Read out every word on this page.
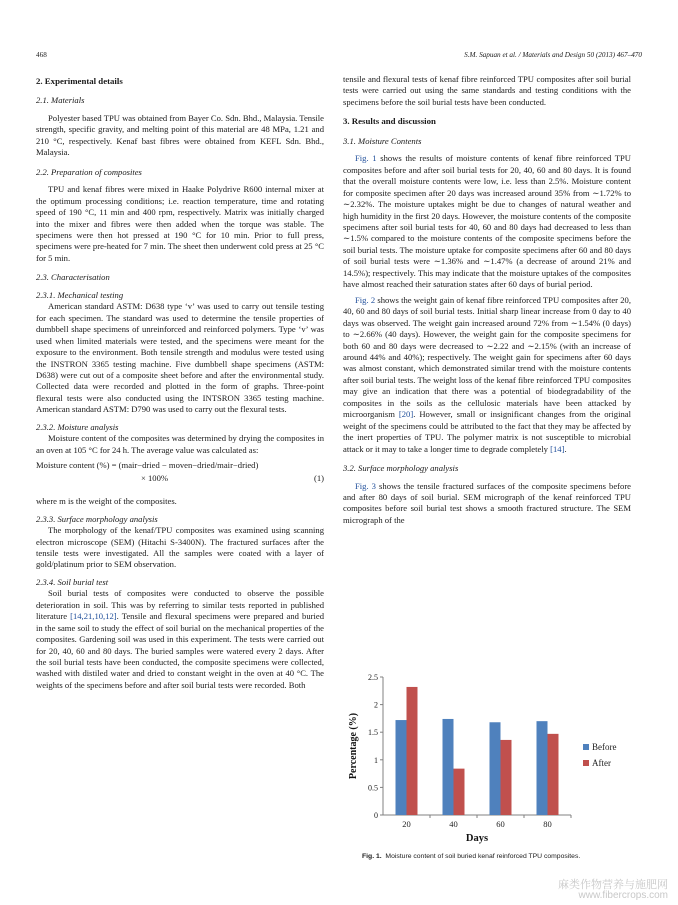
468	S.M. Sapuan et al. / Materials and Design 50 (2013) 467–470
2. Experimental details
2.1. Materials

Polyester based TPU was obtained from Bayer Co. Sdn. Bhd., Malaysia. Tensile strength, specific gravity, and melting point of this material are 48 MPa, 1.21 and 210 °C, respectively. Kenaf bast fibres were obtained from KEFL Sdn. Bhd., Malaysia.

2.2. Preparation of composites

TPU and kenaf fibres were mixed in Haake Polydrive R600 internal mixer at the optimum processing conditions; i.e. reaction temperature, time and rotating speed of 190 °C, 11 min and 400 rpm, respectively. Matrix was initially charged into the mixer and fibres were then added when the torque was stable. The specimens were then hot pressed at 190 °C for 10 min. Prior to full press, specimens were pre-heated for 7 min. The sheet then underwent cold press at 25 °C for 5 min.

2.3. Characterisation
2.3.1. Mechanical testing

American standard ASTM: D638 type ‘v’ was used to carry out tensile testing for each specimen. The standard was used to determine the tensile properties of dumbbell shape specimens of unreinforced and reinforced polymers. Type ‘v’ was used when limited materials were tested, and the specimens were meant for the exposure to the environment. Both tensile strength and modulus were tested using the INSTRON 3365 testing machine. Five dumbbell shape specimens (ASTM: D638) were cut out of a composite sheet before and after the environmental study. Collected data were recorded and plotted in the form of graphs. Three-point flexural tests were also conducted using the INTSRON 3365 testing machine. American standard ASTM: D790 was used to carry out the flexural tests.

2.3.2. Moisture analysis

Moisture content of the composites was determined by drying the composites in an oven at 105 °C for 24 h. The average value was calculated as:

Moisture content (%) = (mair−dried − moven−dried/mair−dried)
× 100%	(1)

where m is the weight of the composites.

2.3.3. Surface morphology analysis

The morphology of the kenaf/TPU composites was examined using scanning electron microscope (SEM) (Hitachi S-3400N). The fractured surfaces after the tensile tests were investigated. All the samples were coated with a layer of gold/platinum prior to SEM observation.

2.3.4. Soil burial test

Soil burial tests of composites were conducted to observe the possible deterioration in soil. This was by referring to similar tests reported in published literature [14,21,10,12]. Tensile and flexural specimens were prepared and buried in the same soil to study the effect of soil burial on the mechanical properties of the composites. Gardening soil was used in this experiment. The tests were carried out for 20, 40, 60 and 80 days. The buried samples were watered every 2 days. After the soil burial tests have been conducted, the composite specimens were collected, washed with distiled water and dried to constant weight in the oven at 40 °C. The weights of the specimens before and after soil burial tests were recorded. Both

tensile and flexural tests of kenaf fibre reinforced TPU composites after soil burial tests were carried out using the same standards and testing conditions with the specimens before the soil burial tests have been conducted.

3. Results and discussion
3.1. Moisture Contents

Fig. 1 shows the results of moisture contents of kenaf fibre reinforced TPU composites before and after soil burial tests for 20, 40, 60 and 80 days. It is found that the overall moisture contents were low, i.e. less than 2.5%. Moisture content for composite specimen after 20 days was increased around 35% from ∼1.72% to ∼2.32%. The moisture uptakes might be due to changes of natural weather and high humidity in the first 20 days. However, the moisture contents of the composite specimens after soil burial tests for 40, 60 and 80 days had decreased to less than ∼1.5% compared to the moisture contents of the composite specimens before the soil burial tests. The moisture uptake for composite specimens after 60 and 80 days of soil burial tests were ∼1.36% and ∼1.47% (a decrease of around 21% and 14.5%); respectively. This may indicate that the moisture uptakes of the composites have almost reached their saturation states after 60 days of burial period.

Fig. 2 shows the weight gain of kenaf fibre reinforced TPU composites after 20, 40, 60 and 80 days of soil burial tests. Initial sharp linear increase from 0 day to 40 days was observed. The weight gain increased around 72% from ∼1.54% (0 days) to ∼2.66% (40 days). However, the weight gain for the composite specimens for both 60 and 80 days were decreased to ∼2.22 and ∼2.15% (with an increase of around 44% and 40%); respectively. The weight gain for specimens after 60 days was almost constant, which demonstrated similar trend with the moisture contents after soil burial tests. The weight loss of the kenaf fibre reinforced TPU composites may give an indication that there was a potential of biodegradability of the composites in the soils as the cellulosic materials have been attacked by microorganism [20]. However, small or insignificant changes from the original weight of the specimens could be attributed to the fact that they may be affected by the inert properties of TPU. The polymer matrix is not susceptible to microbial attack or it may to take a longer time to degrade completely [14].

3.2. Surface morphology analysis

Fig. 3 shows the tensile fractured surfaces of the composite specimens before and after 80 days of soil burial. SEM micrograph of the kenaf reinforced TPU composites before soil burial test shows a smooth fractured structure. The SEM micrograph of the

0
0.5
1
1.5
2
2.5
20	40	60	80
Days
Percentage (%)	Before
After
Fig. 1. Moisture content of soil buried kenaf reinforced TPU composites.
麻类作物营养与施肥网
www.fibercrops.com
